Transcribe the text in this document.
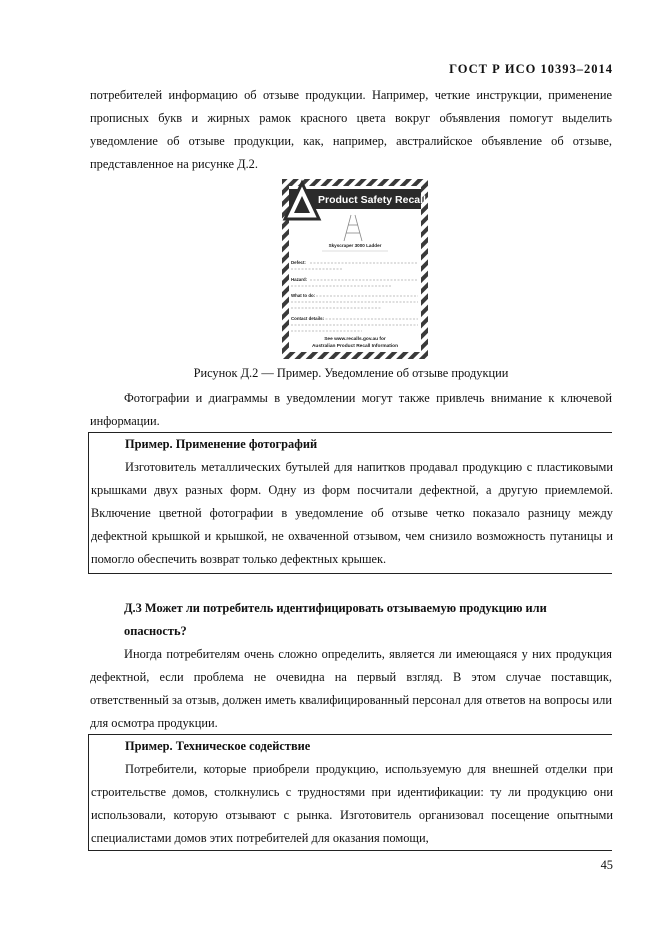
ГОСТ Р ИСО 10393–2014

потребителей информацию об отзыве продукции. Например, четкие инструкции, применение прописных букв и жирных рамок красного цвета вокруг объявления помогут выделить уведомление об отзыве продукции, как, например, австралийское объявление об отзыве, представленное на рисунке Д.2.

Product Safety Recall
Skyscraper 3000 Ladder
Defect:
Hazard:
What to do:
Contact details:
See www.recalls.gov.au for
Australian Product Recall Information
Рисунок Д.2 — Пример. Уведомление об отзыве продукции

Фотографии и диаграммы в уведомлении могут также привлечь внимание к ключевой информации.

Пример. Применение фотографий

Изготовитель металлических бутылей для напитков продавал продукцию с пластиковыми крышками двух разных форм. Одну из форм посчитали дефектной, а другую приемлемой. Включение цветной фотографии в уведомление об отзыве четко показало разницу между дефектной крышкой и крышкой, не охваченной отзывом, чем снизило возможность путаницы и помогло обеспечить возврат только дефектных крышек.

Д.3 Может ли потребитель идентифицировать отзываемую продукцию или опасность?

Иногда потребителям очень сложно определить, является ли имеющаяся у них продукция дефектной, если проблема не очевидна на первый взгляд. В этом случае поставщик, ответственный за отзыв, должен иметь квалифицированный персонал для ответов на вопросы или для осмотра продукции.

Пример. Техническое содействие

Потребители, которые приобрели продукцию, используемую для внешней отделки при строительстве домов, столкнулись с трудностями при идентификации: ту ли продукцию они использовали, которую отзывают с рынка. Изготовитель организовал посещение опытными специалистами домов этих потребителей для оказания помощи,

45
